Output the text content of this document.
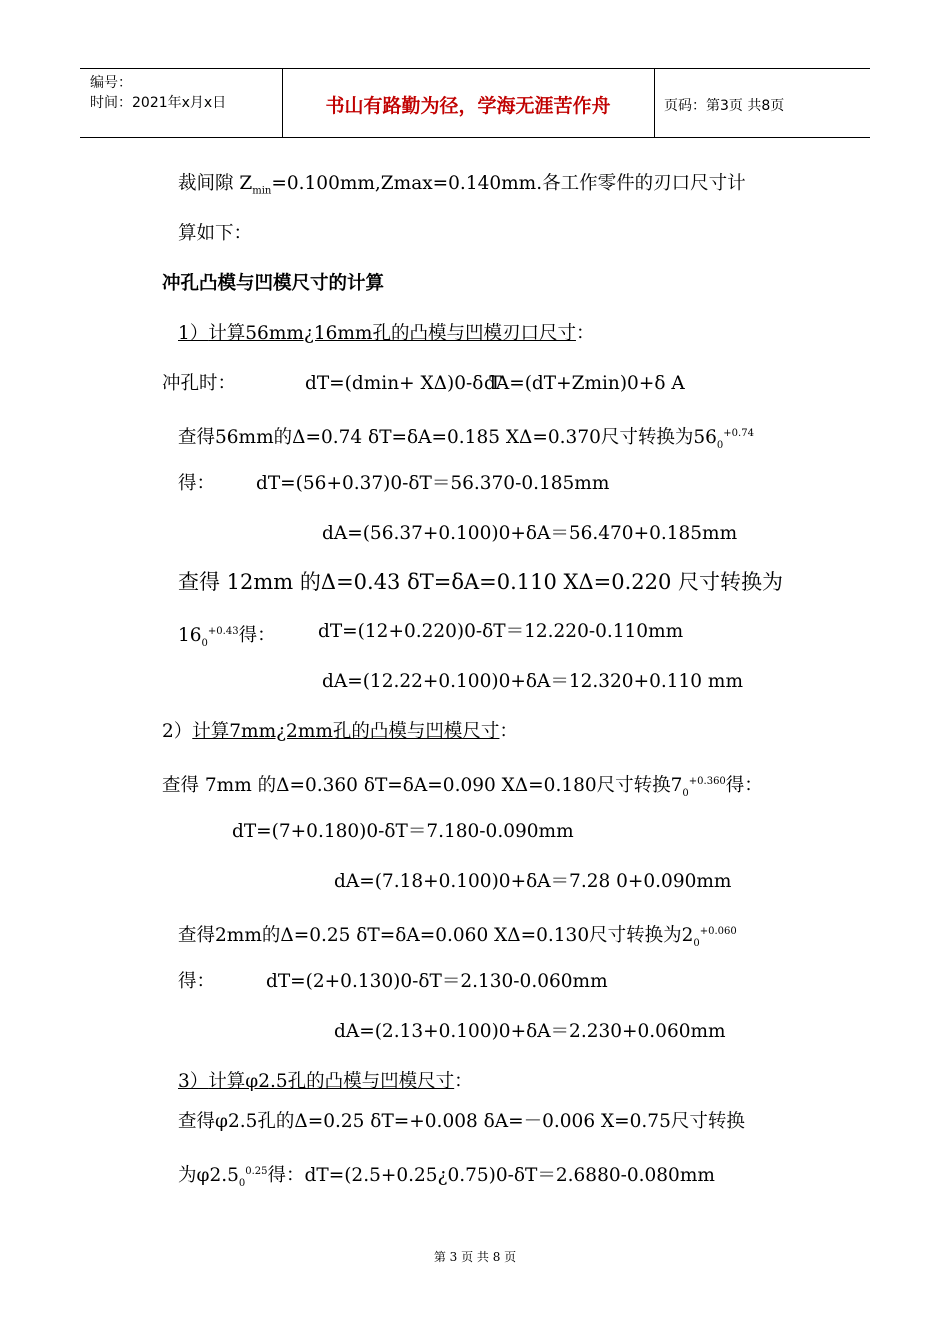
编号：
时间：2021年x月x日	书山有路勤为径，学海无涯苦作舟	页码：第3页 共8页
裁间隙 $Z_{min}=0.100mm,Zmax=0.140mm$.各工作零件的刃口尺寸计
算如下：
冲孔凸模与凹模尺寸的计算
1）计算56mm¿16mm孔的凸模与凹模刃口尺寸：
冲孔时：	dT=(dmin+ XΔ)0-δ T
dA=(dT+Zmin)0+δ A
查得56mm的Δ=0.74 δT=δA=0.185 XΔ=0.370尺寸转换为$56_0^{+0.74}$
得： dT=(56+0.37)0-δT＝56.370-0.185mm
dA=(56.37+0.100)0+δA＝56.470+0.185mm
查得 12mm 的Δ=0.43 δT=δA=0.110 XΔ=0.220 尺寸转换为
$16_0^{+0.43}$得： dT=(12+0.220)0-δT＝12.220-0.110mm
dA=(12.22+0.100)0+δA＝12.320+0.110 mm
2）计算7mm¿2mm孔的凸模与凹模尺寸：
查得 7mm 的Δ=0.360 δT=δA=0.090 XΔ=0.180尺寸转换$7_0^{+0.360}$得：
dT=(7+0.180)0-δT＝7.180-0.090mm
dA=(7.18+0.100)0+δA＝7.28 0+0.090mm
查得2mm的Δ=0.25 δT=δA=0.060 XΔ=0.130尺寸转换为$2_0^{+0.060}$
得：	dT=(2+0.130)0-δT＝2.130-0.060mm
dA=(2.13+0.100)0+δA＝2.230+0.060mm
3）计算φ2.5孔的凸模与凹模尺寸：
查得φ2.5孔的Δ=0.25 δT=+0.008 δA=－0.006 X=0.75尺寸转换
为$\varphi 2.5_0^{0.25}$得：dT=(2.5+0.25¿0.75)0-δT＝2.6880-0.080mm
第 3 页 共 8 页
